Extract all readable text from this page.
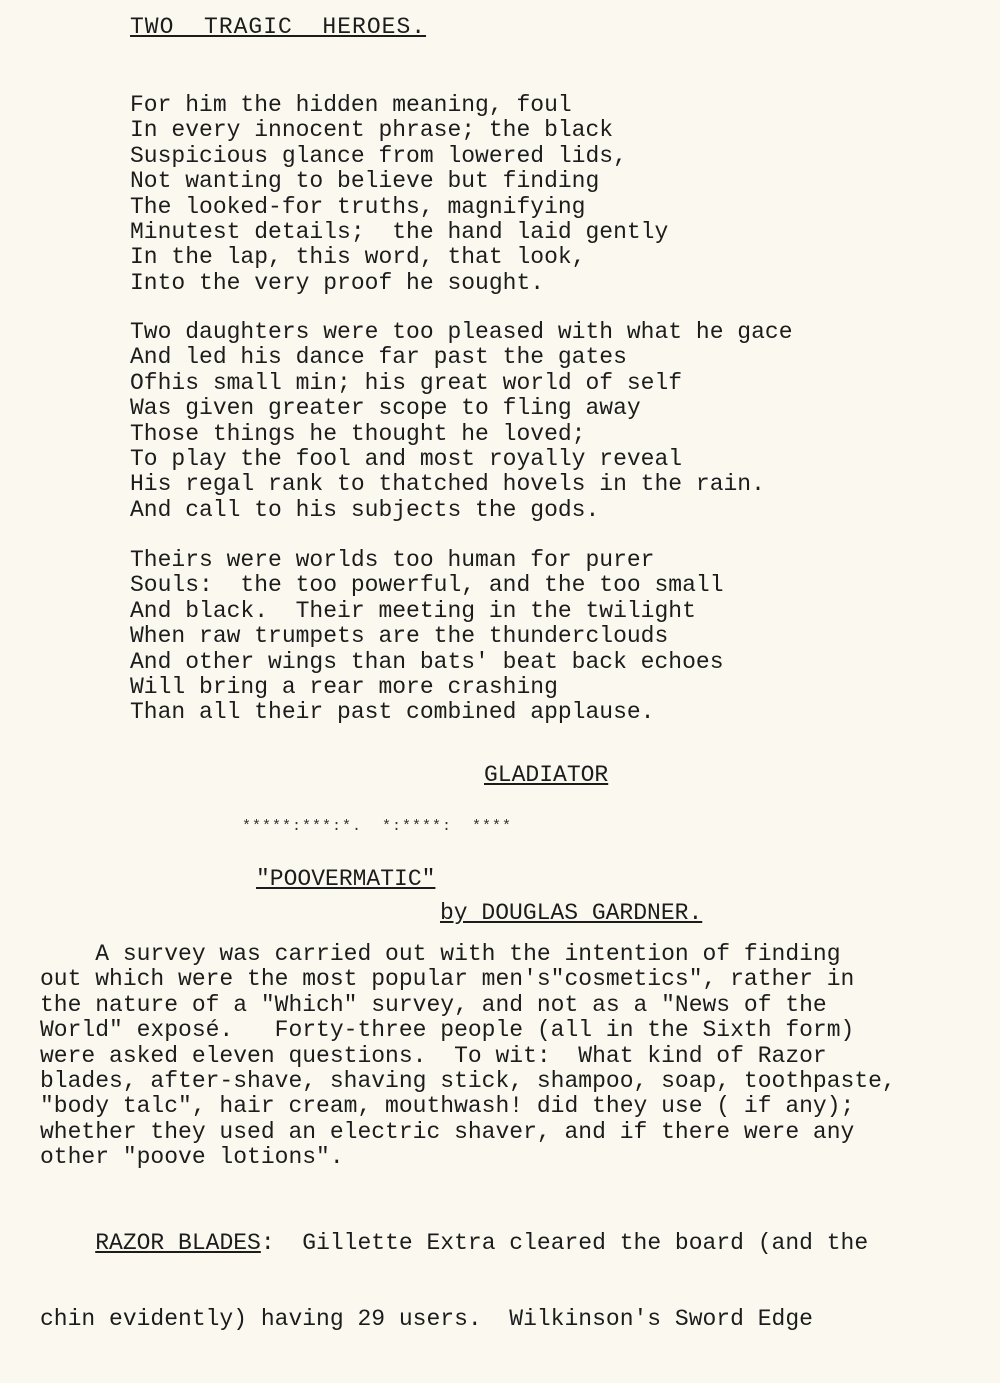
TWO  TRAGIC  HEROES.
For him the hidden meaning, foul
In every innocent phrase; the black
Suspicious glance from lowered lids,
Not wanting to believe but finding
The looked-for truths, magnifying
Minutest details;  the hand laid gently
In the lap, this word, that look,
Into the very proof he sought.
Two daughters were too pleased with what he gace
And led his dance far past the gates
Ofhis small min; his great world of self
Was given greater scope to fling away
Those things he thought he loved;
To play the fool and most royally reveal
His regal rank to thatched hovels in the rain.
And call to his subjects the gods.
Theirs were worlds too human for purer
Souls:  the too powerful, and the too small
And black.  Their meeting in the twilight
When raw trumpets are the thunderclouds
And other wings than bats' beat back echoes
Will bring a rear more crashing
Than all their past combined applause.
GLADIATOR
*****:***:*.  *:****:  ****
"POOVERMATIC"
by DOUGLAS GARDNER.
A survey was carried out with the intention of finding
out which were the most popular men's"cosmetics", rather in
the nature of a "Which" survey, and not as a "News of the
World" exposé.   Forty-three people (all in the Sixth form)
were asked eleven questions.  To wit:  What kind of Razor
blades, after-shave, shaving stick, shampoo, soap, toothpaste,
"body talc", hair cream, mouthwash! did they use ( if any);
whether they used an electric shaver, and if there were any
other "poove lotions".

RAZOR BLADES:  Gillette Extra cleared the board (and the

chin evidently) having 29 users.  Wilkinson's Sword Edge
